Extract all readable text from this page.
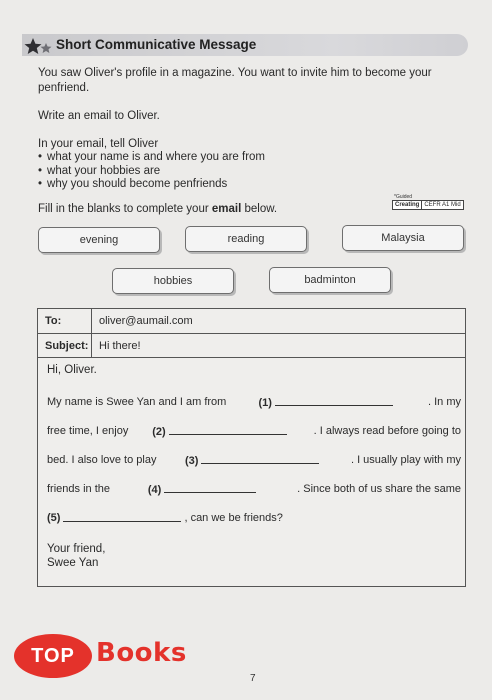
Short Communicative Message
You saw Oliver's profile in a magazine. You want to invite him to become your penfriend.
Write an email to Oliver.
In your email, tell Oliver
• what your name is and where you are from
• what your hobbies are
• why you should become penfriends
Fill in the blanks to complete your email below.
*Guided
Creating CEFR A1 Mid
evening	reading	Malaysia
hobbies	badminton
To:	oliver@aumail.com
Subject: Hi there!
Hi, Oliver.
My name is Swee Yan and I am from	(1)	. In my
free time, I enjoy (2)	. I always read before going to
bed. I also love to play	(3)	. I usually play with my
friends in the	(4)	. Since both of us share the same
(5)	, can we be friends?
Your friend,
Swee Yan
TOP Books
7
